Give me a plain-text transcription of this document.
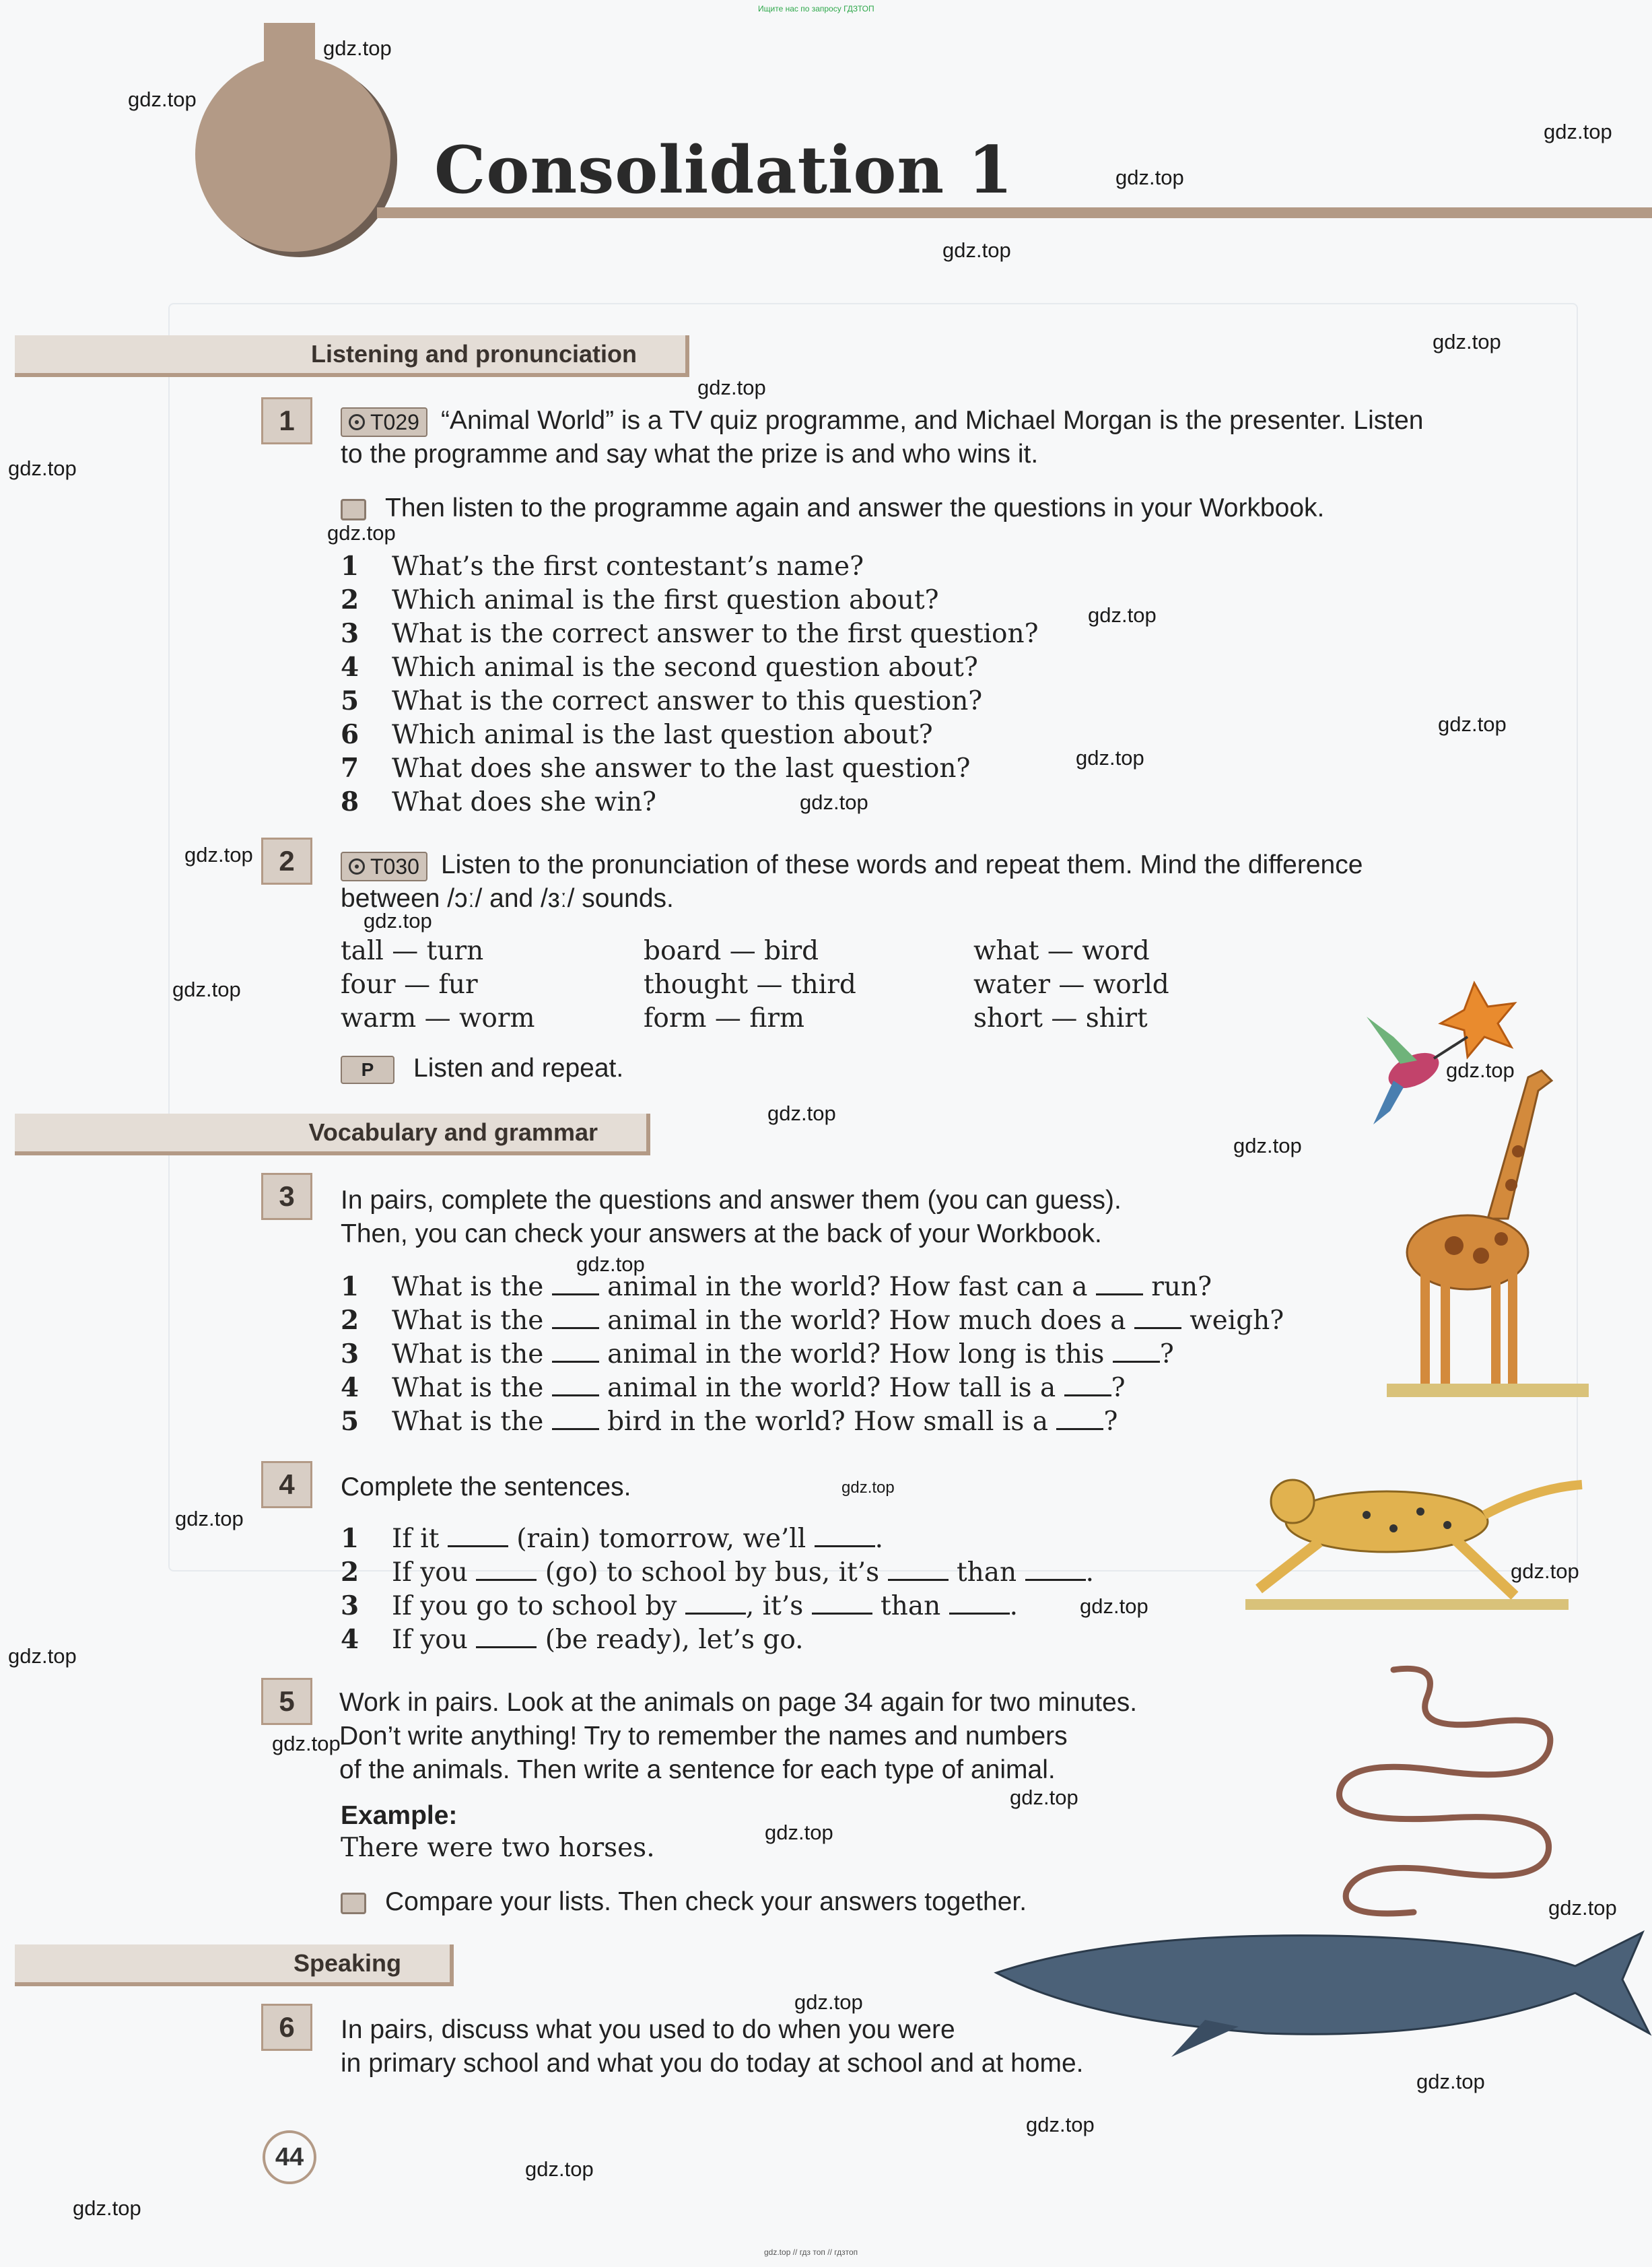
Ищите нас по запросу ГДЗТОП
gdz.top // гдз топ // гдзтоп
Consolidation 1
Listening and pronunciation
1	T029 “Animal World” is a TV quiz programme, and Michael Morgan is the presenter. Listen
to the programme and say what the prize is and who wins it.
Then listen to the programme again and answer the questions in your Workbook.
1 What’s the first contestant’s name?
2 Which animal is the first question about?
3 What is the correct answer to the first question?
4 Which animal is the second question about?
5 What is the correct answer to this question?
6 Which animal is the last question about?
7 What does she answer to the last question?
8 What does she win?
2	T030 Listen to the pronunciation of these words and repeat them. Mind the difference
between /ɔː/ and /ɜː/ sounds.
tall — turn	board — bird	what — word
four — fur	thought — third	water — world
warm — worm	form — firm	short — shirt
P Listen and repeat.
Vocabulary and grammar
3 In pairs, complete the questions and answer them (you can guess).
Then, you can check your answers at the back of your Workbook.
1 What is the animal in the world? How fast can a run?
2 What is the animal in the world? How much does a weigh?
3 What is the animal in the world? How long is this ?
4 What is the animal in the world? How tall is a ?
5 What is the bird in the world? How small is a ?
4 Complete the sentences.
1 If it	(rain) tomorrow, we’ll	.
2 If you	(go) to school by bus, it’s	than	.
3 If you go to school by	, it’s	than	.
4 If you	(be ready), let’s go.
5 Work in pairs. Look at the animals on page 34 again for two minutes.
Don’t write anything! Try to remember the names and numbers
of the animals. Then write a sentence for each type of animal.
Example:
There were two horses.
Compare your lists. Then check your answers together.
Speaking
6 In pairs, discuss what you used to do when you were
in primary school and what you do today at school and at home.
44
gdz.top
gdz.top
gdz.top
gdz.top
gdz.top
gdz.top
gdz.top
gdz.top
gdz.top
gdz.top
gdz.top
gdz.top
gdz.top
gdz.top
gdz.top
gdz.top
gdz.top
gdz.top
gdz.top
gdz.top
gdz.top
gdz.top
gdz.top
gdz.top
gdz.top
gdz.top
gdz.top
gdz.top
gdz.top
gdz.top
gdz.top
gdz.top
gdz.top
gdz.top
